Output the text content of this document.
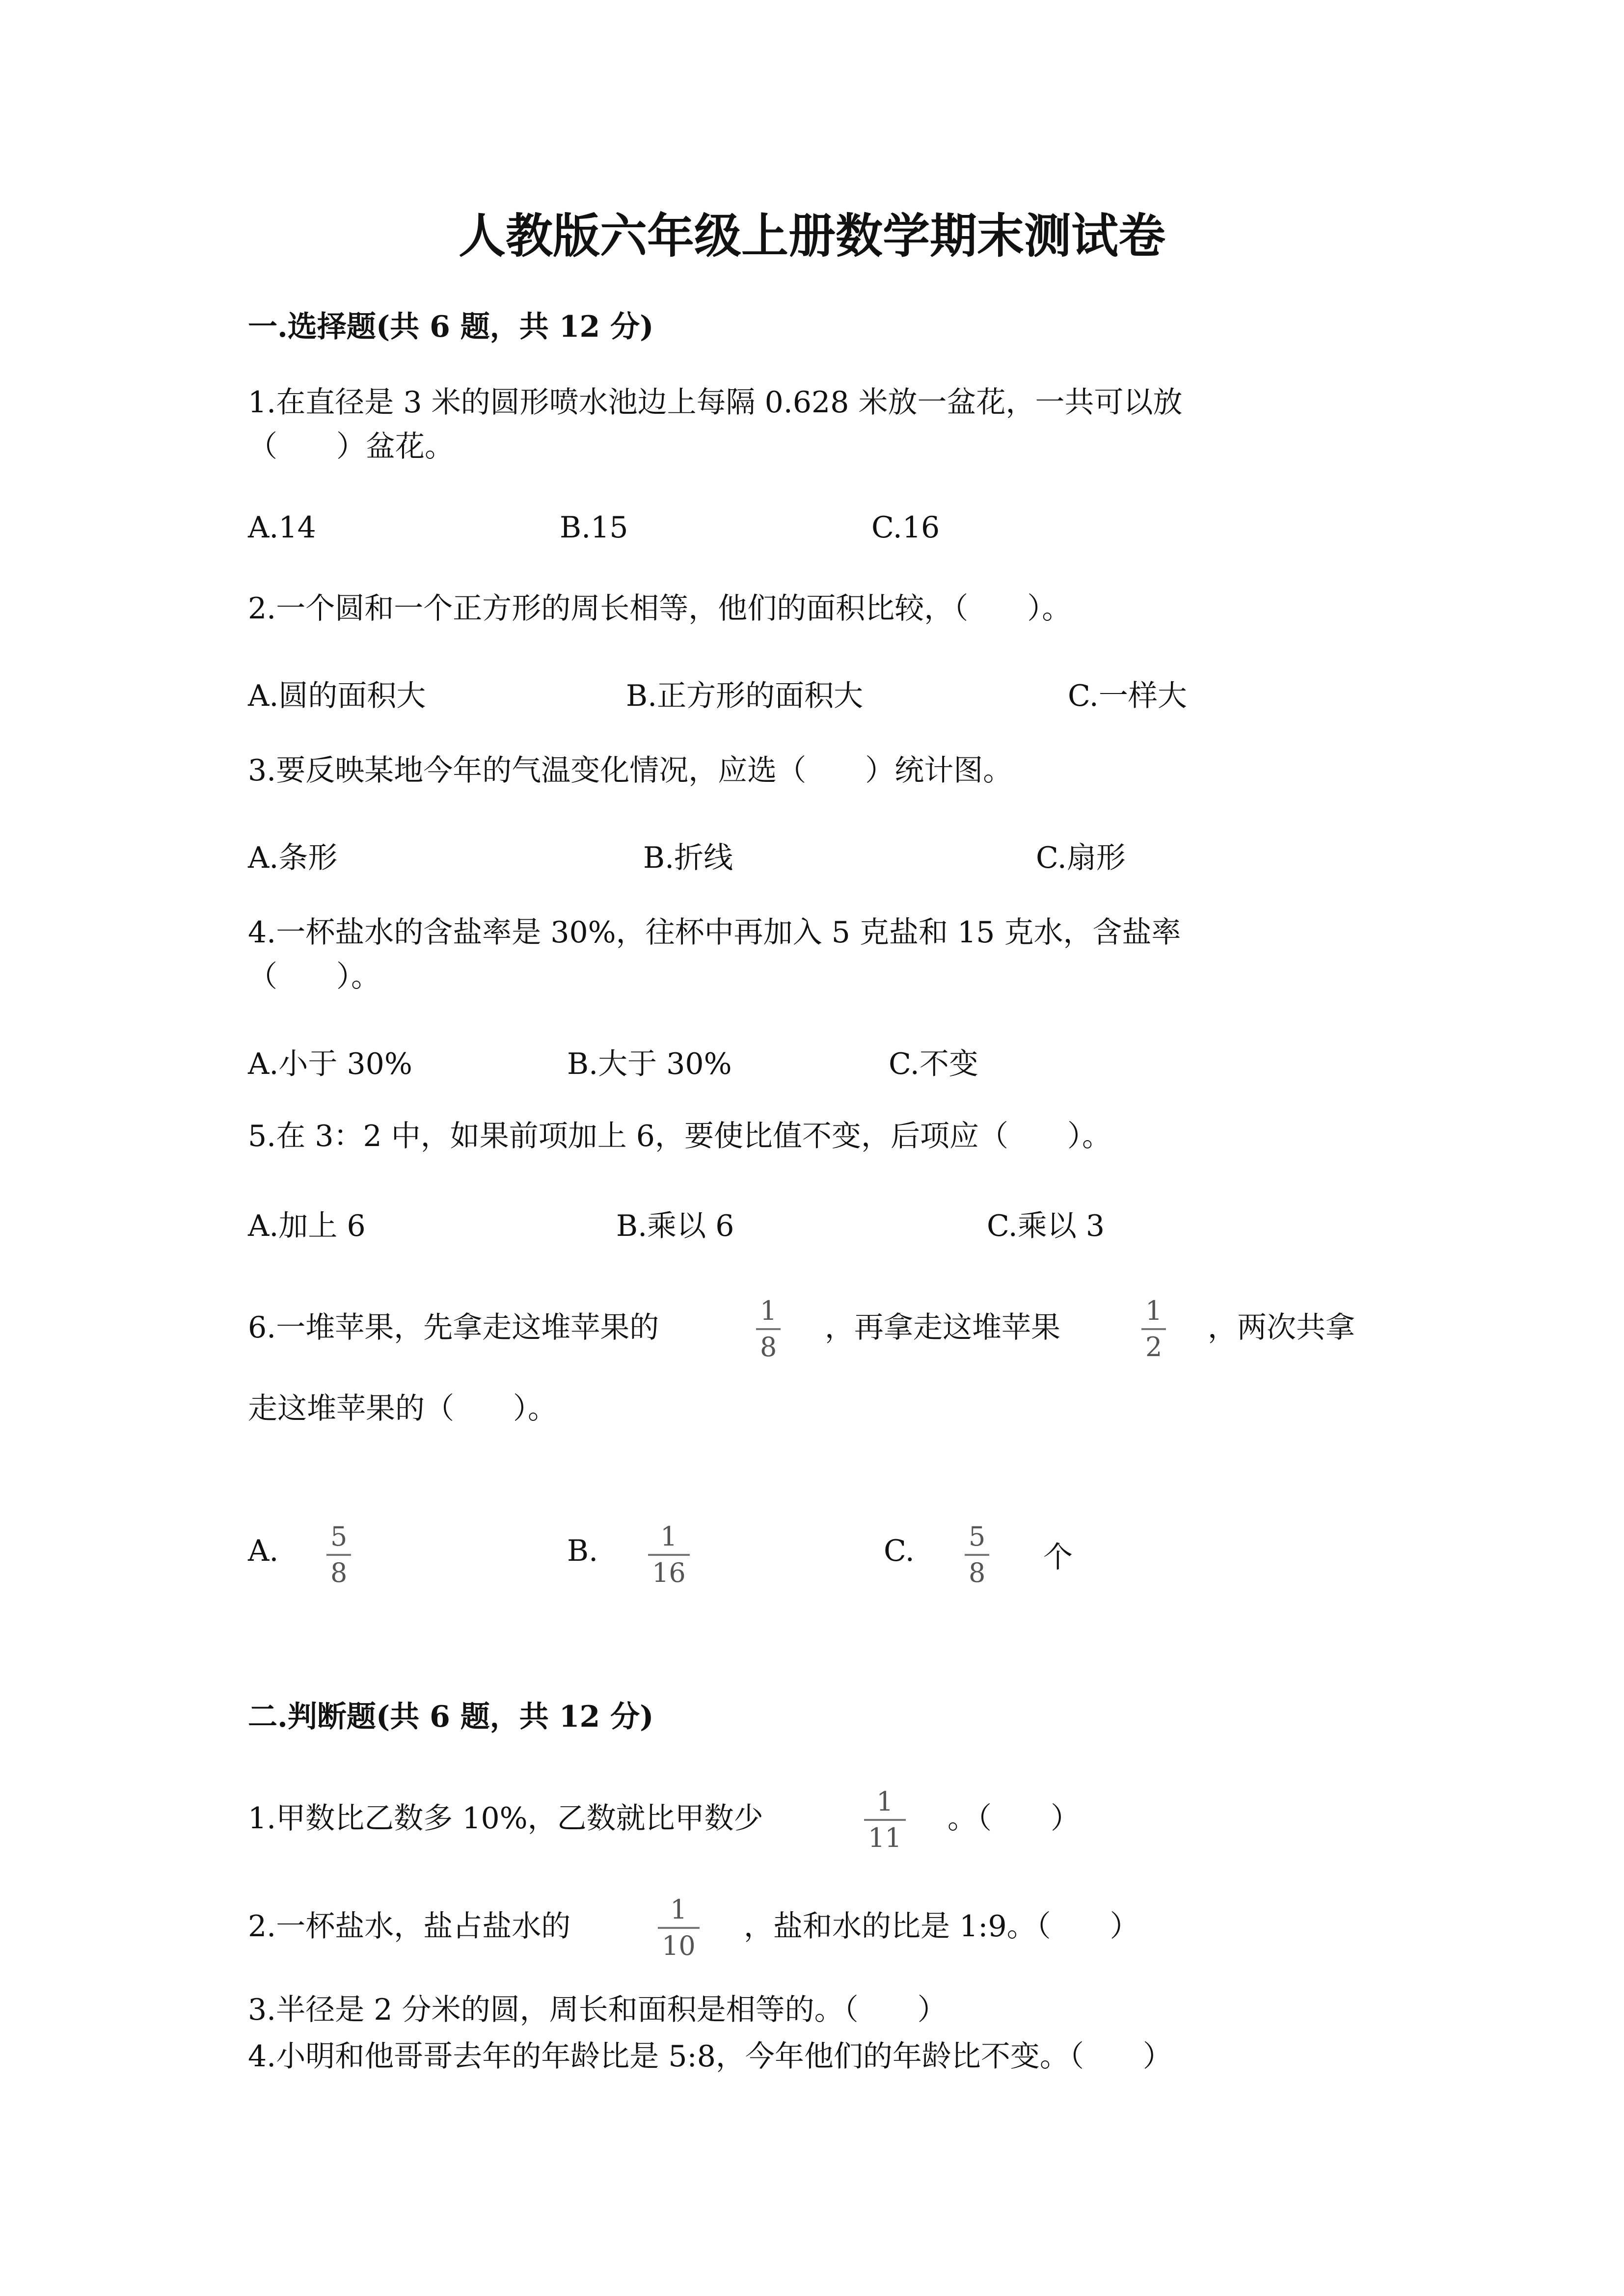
人教版六年级上册数学期末测试卷
一.选择题(共 6 题，共 12 分)
1.在直径是 3 米的圆形喷水池边上每隔 0.628 米放一盆花，一共可以放
（　　）盆花。
A.14	B.15	C.16
2.一个圆和一个正方形的周长相等，他们的面积比较，（　　）。
A.圆的面积大	B.正方形的面积大	C.一样大
3.要反映某地今年的气温变化情况，应选（　　）统计图。
A.条形	B.折线	C.扇形
4.一杯盐水的含盐率是 30%，往杯中再加入 5 克盐和 15 克水，含盐率
（　　）。
A.小于 30%	B.大于 30%	C.不变
5.在 3：2 中，如果前项加上 6，要使比值不变，后项应（　　）。
A.加上 6	B.乘以 6	C.乘以 3
6.一堆苹果，先拿走这堆苹果的	1
8
，再拿走这堆苹果	1
2
，两次共拿
走这堆苹果的（　　）。
A. 5
8
B. 1
16
C. 5
8 个
二.判断题(共 6 题，共 12 分)
1.甲数比乙数多 10%，乙数就比甲数少	1
11
。（　　）
2.一杯盐水，盐占盐水的	1
10
，盐和水的比是 1:9。（　　）
3.半径是 2 分米的圆，周长和面积是相等的。（　　）
4.小明和他哥哥去年的年龄比是 5:8，今年他们的年龄比不变。（　　）
